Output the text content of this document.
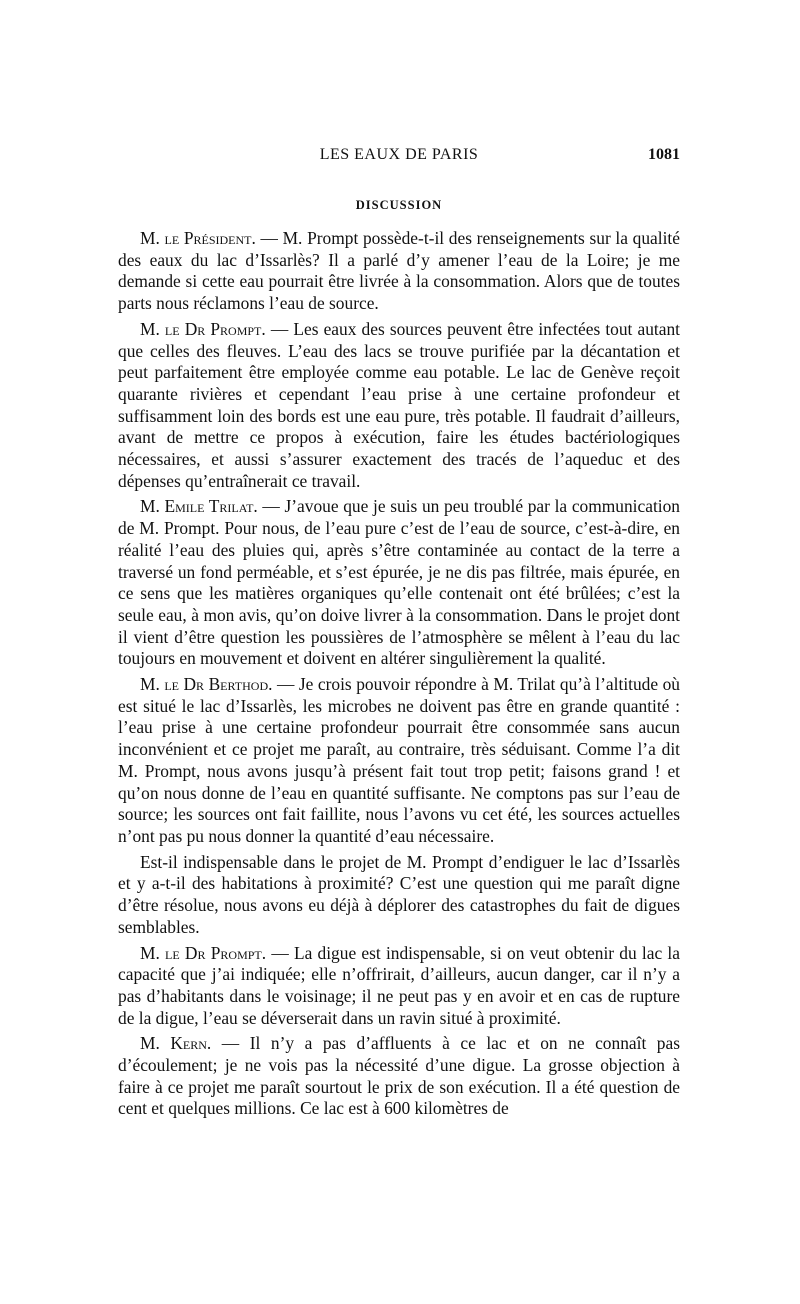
LES EAUX DE PARIS	1081
DISCUSSION

M. le Président. — M. Prompt possède-t-il des renseignements sur la qualité des eaux du lac d’Issarlès? Il a parlé d’y amener l’eau de la Loire; je me demande si cette eau pourrait être livrée à la consommation. Alors que de toutes parts nous réclamons l’eau de source.

M. le Dr Prompt. — Les eaux des sources peuvent être infectées tout autant que celles des fleuves. L’eau des lacs se trouve purifiée par la décantation et peut parfaitement être employée comme eau potable. Le lac de Genève reçoit quarante rivières et cependant l’eau prise à une certaine profondeur et suffisamment loin des bords est une eau pure, très potable. Il faudrait d’ailleurs, avant de mettre ce propos à exécution, faire les études bactériologiques nécessaires, et aussi s’assurer exactement des tracés de l’aqueduc et des dépenses qu’entraînerait ce travail.

M. Emile Trilat. — J’avoue que je suis un peu troublé par la communication de M. Prompt. Pour nous, de l’eau pure c’est de l’eau de source, c’est-à-dire, en réalité l’eau des pluies qui, après s’être contaminée au contact de la terre a traversé un fond perméable, et s’est épurée, je ne dis pas filtrée, mais épurée, en ce sens que les matières organiques qu’elle contenait ont été brûlées; c’est la seule eau, à mon avis, qu’on doive livrer à la consommation. Dans le projet dont il vient d’être question les poussières de l’atmosphère se mêlent à l’eau du lac toujours en mouvement et doivent en altérer singulièrement la qualité.

M. le Dr Berthod. — Je crois pouvoir répondre à M. Trilat qu’à l’altitude où est situé le lac d’Issarlès, les microbes ne doivent pas être en grande quantité : l’eau prise à une certaine profondeur pourrait être consommée sans aucun inconvénient et ce projet me paraît, au contraire, très séduisant. Comme l’a dit M. Prompt, nous avons jusqu’à présent fait tout trop petit; faisons grand ! et qu’on nous donne de l’eau en quantité suffisante. Ne comptons pas sur l’eau de source; les sources ont fait faillite, nous l’avons vu cet été, les sources actuelles n’ont pas pu nous donner la quantité d’eau nécessaire.

Est-il indispensable dans le projet de M. Prompt d’endiguer le lac d’Issarlès et y a-t-il des habitations à proximité? C’est une question qui me paraît digne d’être résolue, nous avons eu déjà à déplorer des catastrophes du fait de digues semblables.

M. le Dr Prompt. — La digue est indispensable, si on veut obtenir du lac la capacité que j’ai indiquée; elle n’offrirait, d’ailleurs, aucun danger, car il n’y a pas d’habitants dans le voisinage; il ne peut pas y en avoir et en cas de rupture de la digue, l’eau se déverserait dans un ravin situé à proximité.

M. Kern. — Il n’y a pas d’affluents à ce lac et on ne connaît pas d’écoulement; je ne vois pas la nécessité d’une digue. La grosse objection à faire à ce projet me paraît sourtout le prix de son exécution. Il a été question de cent et quelques millions. Ce lac est à 600 kilomètres de
